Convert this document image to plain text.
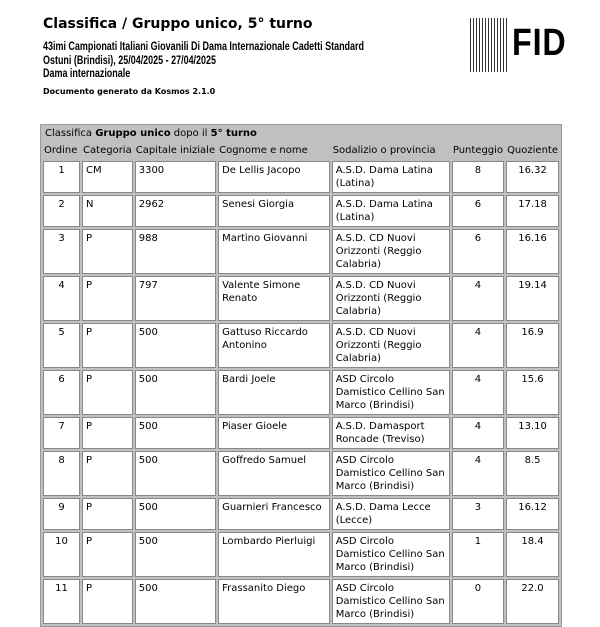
Classifica / Gruppo unico, 5° turno
43imi Campionati Italiani Giovanili Di Dama Internazionale Cadetti Standard
Ostuni (Brindisi), 25/04/2025 - 27/04/2025
Dama internazionale
Documento generato da Kosmos 2.1.0
FID
Classifica Gruppo unico dopo il 5° turno						
Ordine	Categoria	Capitale iniziale	Cognome e nome	Sodalizio o provincia	Punteggio	Quoziente
1	CM	3300	De Lellis Jacopo	A.S.D. Dama Latina (Latina)	8	16.32
2	N	2962	Senesi Giorgia	A.S.D. Dama Latina (Latina)	6	17.18
3	P	988	Martino Giovanni	A.S.D. CD Nuovi Orizzonti (Reggio Calabria)	6	16.16
4	P	797	Valente Simone Renato	A.S.D. CD Nuovi Orizzonti (Reggio Calabria)	4	19.14
5	P	500	Gattuso Riccardo Antonino	A.S.D. CD Nuovi Orizzonti (Reggio Calabria)	4	16.9
6	P	500	Bardi Joele	ASD Circolo Damistico Cellino San Marco (Brindisi)	4	15.6
7	P	500	Piaser Gioele	A.S.D. Damasport Roncade (Treviso)	4	13.10
8	P	500	Goffredo Samuel	ASD Circolo Damistico Cellino San Marco (Brindisi)	4	8.5
9	P	500	Guarnieri Francesco	A.S.D. Dama Lecce (Lecce)	3	16.12
10	P	500	Lombardo Pierluigi	ASD Circolo Damistico Cellino San Marco (Brindisi)	1	18.4
11	P	500	Frassanito Diego	ASD Circolo Damistico Cellino San Marco (Brindisi)	0	22.0
